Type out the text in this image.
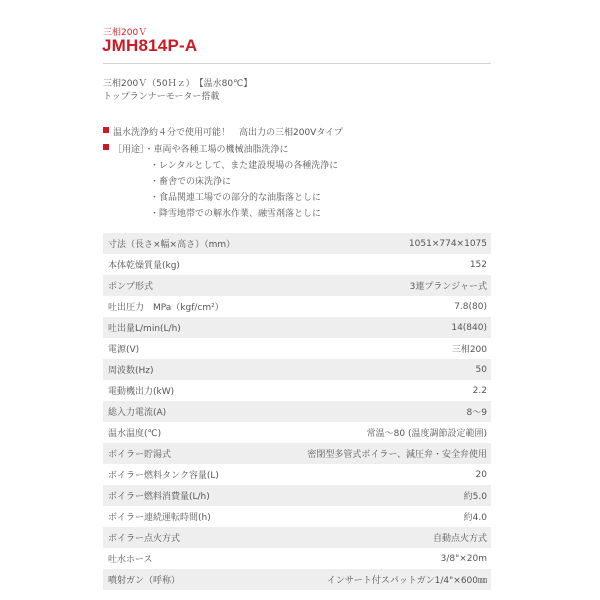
三相200Ｖ
JMH814P-A
三相200Ｖ（50Ｈｚ）　【温水80℃】
トップランナーモーター搭載
温水洗浄約４分で使用可能！　高出力の三相200Vタイプ
［用途］・車両や各種工場の機械油脂洗浄に
・レンタルとして、また建設現場の各種洗浄に
・畜舎での床洗浄に
・食品関連工場での部分的な油脂落としに
・降雪地帯での解氷作業、融雪剤落としに
寸法（長さ×幅×高さ）（mm）	1051×774×1075
本体乾燥質量(kg)	152
ポンプ形式	3連プランジャー式
吐出圧力　MPa（kgf/cm²）	7.8(80)
吐出量L/min(L/h)	14(840)
電源(V)	三相200
周波数(Hz)	50
電動機出力(kW)	2.2
総入力電流(A)	8～9
温水温度(℃)	常温～80 (温度調節設定範囲)
ボイラー貯湯式	密閉型多管式ボイラー、減圧弁・安全弁使用
ボイラー燃料タンク容量(L)	20
ボイラー燃料消費量(L/h)	約5.0
ボイラー連続運転時間(h)	約4.0
ボイラー点火方式	自動点火方式
吐水ホース	3/8"×20m
噴射ガン（呼称）	インサート付スパットガン1/4"×600㎜
